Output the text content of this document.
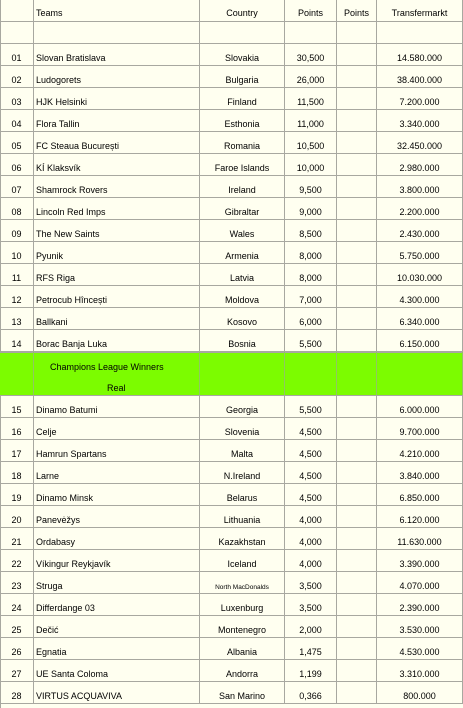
Teams	Country	Points	Points	Transfermarkt
01	Slovan Bratislava	Slovakia	30,500	14.580.000
02	Ludogorets	Bulgaria	26,000	38.400.000
03	HJK Helsinki	Finland	11,500	7.200.000
04	Flora Tallin	Esthonia	11,000	3.340.000
05	FC Steaua București	Romania	10,500	32.450.000
06	KÍ Klaksvík	Faroe Islands	10,000	2.980.000
07	Shamrock Rovers	Ireland	9,500	3.800.000
08	Lincoln Red Imps	Gibraltar	9,000	2.200.000
09	The New Saints	Wales	8,500	2.430.000
10	Pyunik	Armenia	8,000	5.750.000
11	RFS Riga	Latvia	8,000	10.030.000
12	Petrocub Hîncești	Moldova	7,000	4.300.000
13	Ballkani	Kosovo	6,000	6.340.000
14	Borac Banja Luka	Bosnia	5,500	6.150.000
Champions League Winners
Real
15	Dinamo Batumi	Georgia	5,500	6.000.000
16	Celje	Slovenia	4,500	9.700.000
17	Hamrun Spartans	Malta	4,500	4.210.000
18	Larne	N.Ireland	4,500	3.840.000
19	Dinamo Minsk	Belarus	4,500	6.850.000
20	Panevėžys	Lithuania	4,000	6.120.000
21	Ordabasy	Kazakhstan	4,000	11.630.000
22	Víkingur Reykjavík	Iceland	4,000	3.390.000
23	Struga	North MacDonalds	3,500	4.070.000
24	Differdange 03	Luxenburg	3,500	2.390.000
25	Dečić	Montenegro	2,000	3.530.000
26	Egnatia	Albania	1,475	4.530.000
27	UE Santa Coloma	Andorra	1,199	3.310.000
28	VIRTUS ACQUAVIVA	San Marino	0,366	800.000
